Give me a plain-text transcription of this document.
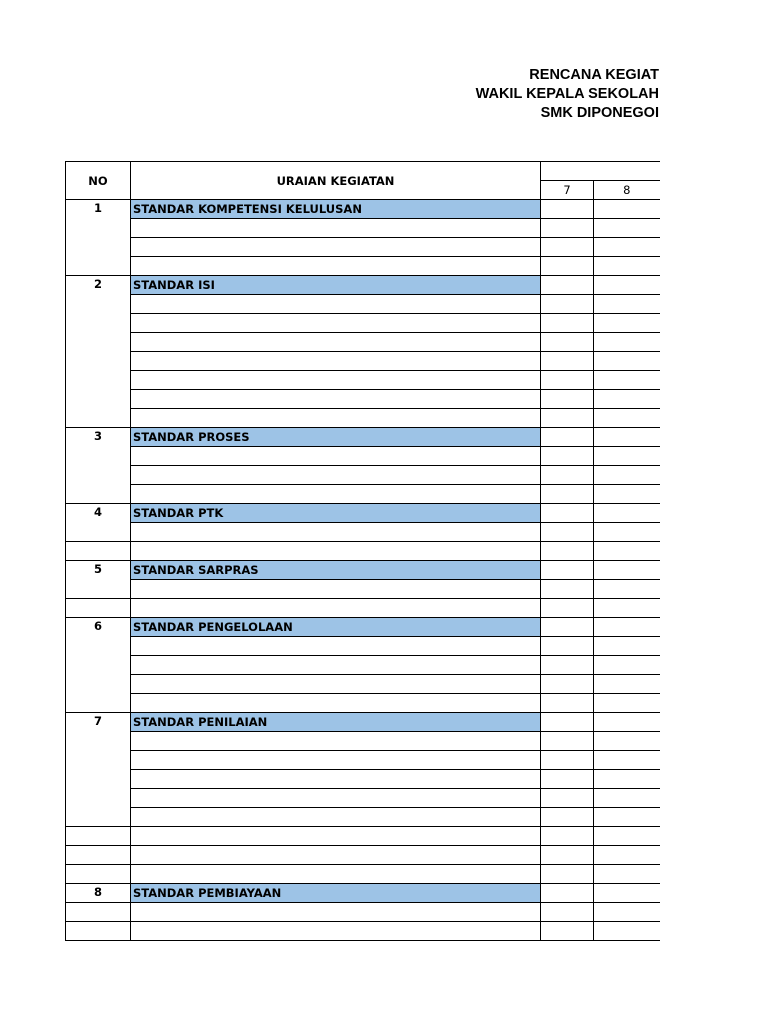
RENCANA KEGIAT
WAKIL KEPALA SEKOLAH
SMK DIPONEGOI
NO	URAIAN KEGIATAN		
		7	8
1	STANDAR KOMPETENSI KELULUSAN		

2	STANDAR ISI		

3	STANDAR PROSES		

4	STANDAR PTK		

5	STANDAR SARPRAS		

6	STANDAR PENGELOLAAN		

7	STANDAR PENILAIAN		

8	STANDAR PEMBIAYAAN		
